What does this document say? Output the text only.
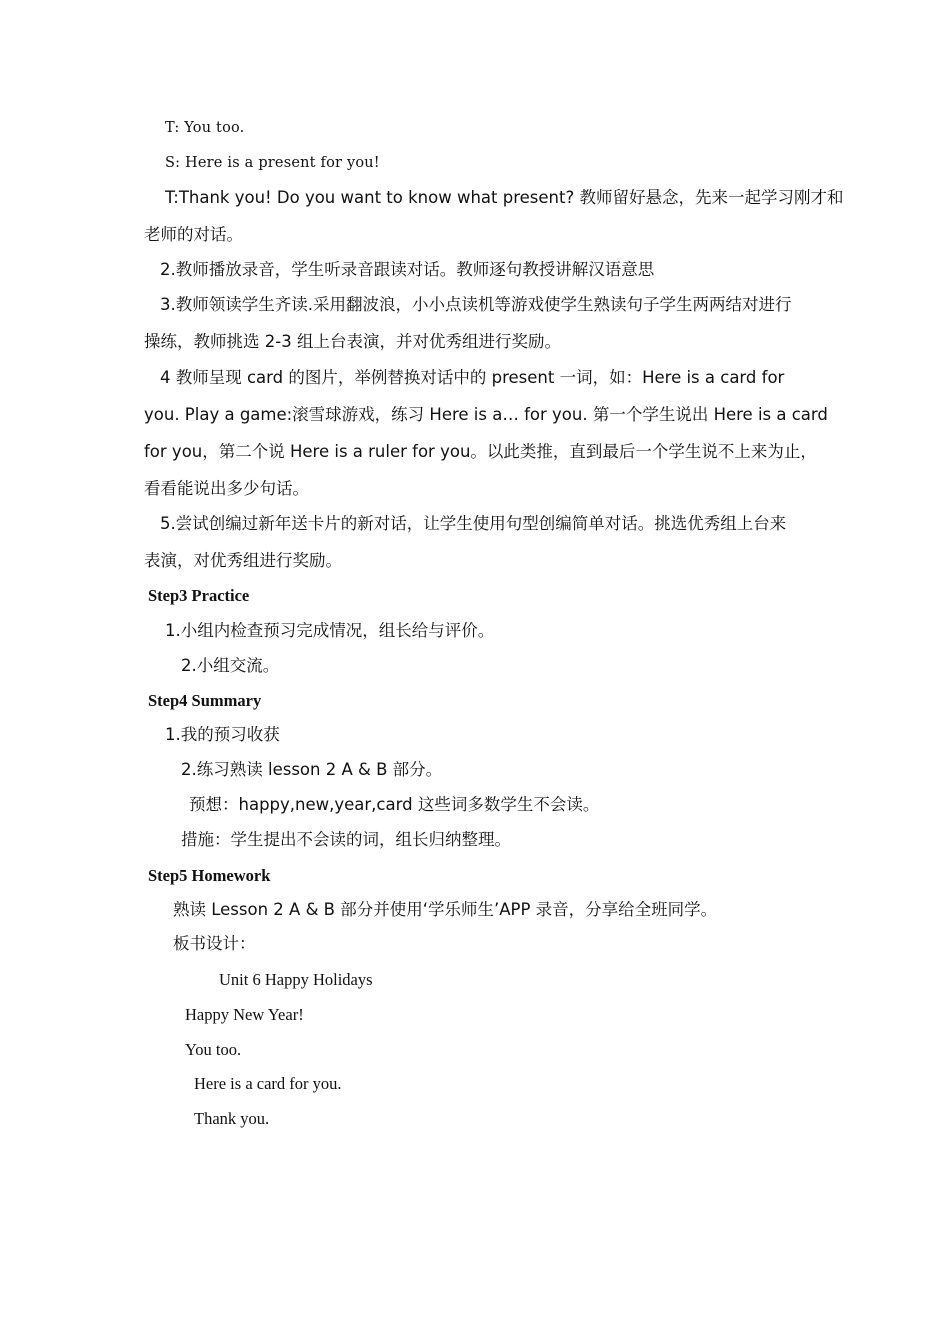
T: You too.
S: Here is a present for you!
T:Thank you! Do you want to know what present? 教师留好悬念，先来一起学习刚才和
老师的对话。
2.教师播放录音，学生听录音跟读对话。教师逐句教授讲解汉语意思
3.教师领读学生齐读.采用翻波浪，小小点读机等游戏使学生熟读句子学生两两结对进行
操练，教师挑选 2-3 组上台表演，并对优秀组进行奖励。
4 教师呈现 card 的图片，举例替换对话中的 present 一词，如：Here is a card for
you. Play a game:滚雪球游戏，练习 Here is a… for you. 第一个学生说出 Here is a card
for you，第二个说 Here is a ruler for you。以此类推，直到最后一个学生说不上来为止，
看看能说出多少句话。
5.尝试创编过新年送卡片的新对话，让学生使用句型创编简单对话。挑选优秀组上台来
表演，对优秀组进行奖励。
Step3 Practice
1.小组内检查预习完成情况，组长给与评价。
2.小组交流。
Step4 Summary
1.我的预习收获
2.练习熟读 lesson 2 A & B 部分。
预想：happy,new,year,card 这些词多数学生不会读。
措施：学生提出不会读的词，组长归纳整理。
Step5 Homework
熟读 Lesson 2 A & B 部分并使用‘学乐师生’APP 录音，分享给全班同学。
板书设计：
Unit 6 Happy Holidays
Happy New Year!
You too.
Here is a card for you.
Thank you.
